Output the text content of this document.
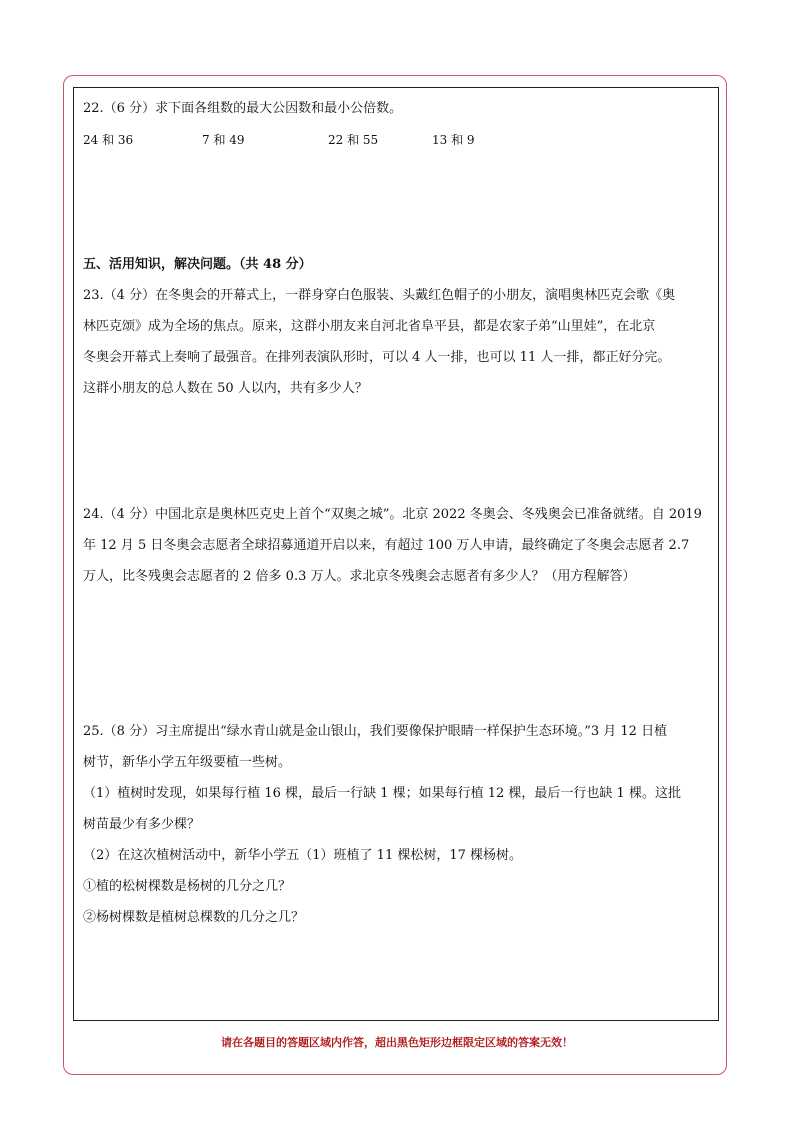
22.（6 分）求下面各组数的最大公因数和最小公倍数。
24 和 36	7 和 49	22 和 55	13 和 9
五、活用知识，解决问题。（共 48 分）
23.（4 分）在冬奥会的开幕式上，一群身穿白色服装、头戴红色帽子的小朋友，演唱奥林匹克会歌《奥
林匹克颂》成为全场的焦点。原来，这群小朋友来自河北省阜平县，都是农家子弟“山里娃”，在北京
冬奥会开幕式上奏响了最强音。在排列表演队形时，可以 4 人一排，也可以 11 人一排，都正好分完。
这群小朋友的总人数在 50 人以内，共有多少人？
24.（4 分）中国北京是奥林匹克史上首个“双奥之城”。北京 2022 冬奥会、冬残奥会已准备就绪。自 2019
年 12 月 5 日冬奥会志愿者全球招募通道开启以来，有超过 100 万人申请，最终确定了冬奥会志愿者 2.7
万人，比冬残奥会志愿者的 2 倍多 0.3 万人。求北京冬残奥会志愿者有多少人？（用方程解答）
25.（8 分）习主席提出“绿水青山就是金山银山，我们要像保护眼睛一样保护生态环境。”3 月 12 日植
树节，新华小学五年级要植一些树。
（1）植树时发现，如果每行植 16 棵，最后一行缺 1 棵；如果每行植 12 棵，最后一行也缺 1 棵。这批
树苗最少有多少棵？
（2）在这次植树活动中，新华小学五（1）班植了 11 棵松树，17 棵杨树。
①植的松树棵数是杨树的几分之几？
②杨树棵数是植树总棵数的几分之几？
请在各题目的答题区域内作答，超出黑色矩形边框限定区域的答案无效！
